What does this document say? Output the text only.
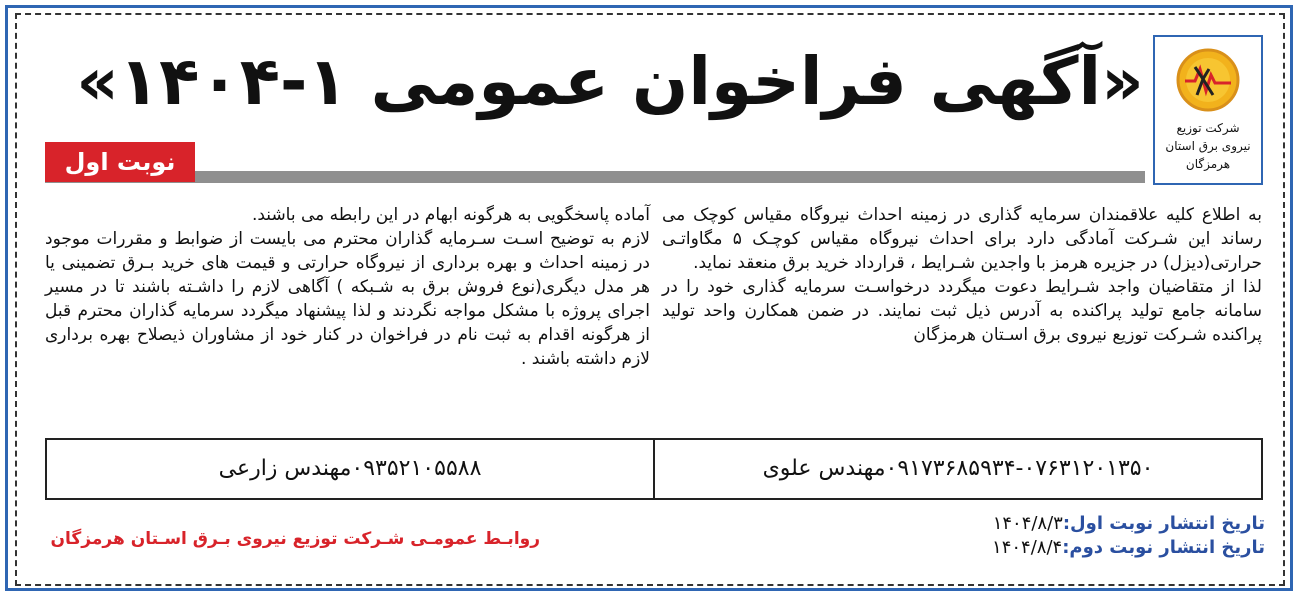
شرکت توزیع
نیروی برق استان
هرمزگان
«آگهی فراخوان عمومی ۱-۱۴۰۴»
نوبت اول

به اطلاع کلیه علاقمندان سرمایه گذاری در زمینه احداث نیروگاه مقیاس کوچک می رساند این شـرکت آمادگی دارد برای احداث نیروگاه مقیاس کوچـک ۵ مگاواتـی حرارتی(دیزل) در جزیره هرمز با واجدین شـرایط ، قرارداد خرید برق منعقد نماید.

لذا از متقاضیان واجد شـرایط دعوت میگردد درخواسـت سرمایه گذاری خود را در سامانه جامع تولید پراکنده به آدرس ذیل ثبت نمایند. در ضمن همکارن واحد تولید پراکنده شـرکت توزیع نیروی برق اسـتان هرمزگان

آماده پاسخگویی به هرگونه ابهام در این رابطه می باشند.

لازم به توضیح اسـت سـرمایه گذاران محترم می بایست از ضوابط و مقررات موجود در زمینه احداث و بهره برداری از نیروگاه حرارتی و قیمت های خرید بـرق تضمینی یا هر مدل دیگری(نوع فروش برق به شـبکه ) آگاهی لازم را داشـته باشند تا در مسیر اجرای پروژه با مشکل مواجه نگردند و لذا پیشنهاد میگردد سرمایه گذاران محترم قبل از هرگونه اقدام به ثبت نام در فراخوان در کنار خود از مشاوران ذیصلاح بهره برداری لازم داشته باشند .

۰۹۱۷۳۶۸۵۹۳۴-۰۷۶۳۱۲۰۱۳۵۰مهندس علوی
۰۹۳۵۲۱۰۵۵۸۸مهندس زارعی
تاریخ انتشار نوبت اول:۱۴۰۴/۸/۳
تاریخ انتشار نوبت دوم:۱۴۰۴/۸/۴
روابـط عمومـی شـرکت توزیع نیروی بـرق اسـتان هرمزگان
